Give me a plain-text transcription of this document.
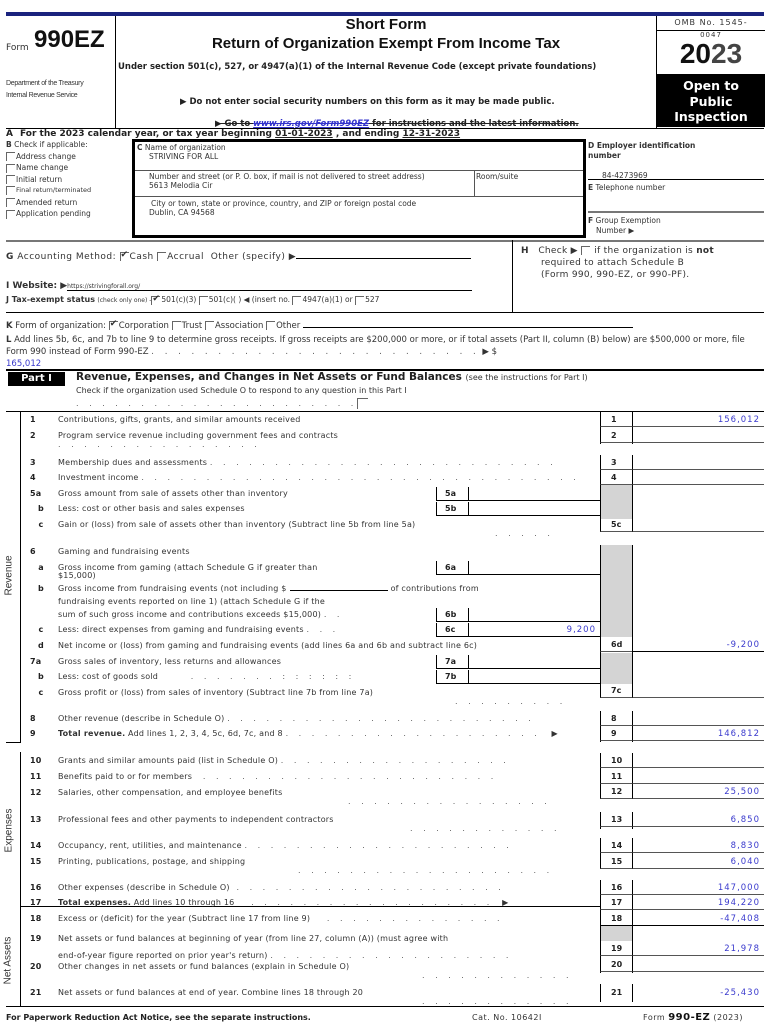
Form 990EZ
Department of the Treasury
Internal Revenue Service
Short Form
Return of Organization Exempt From Income Tax
Under section 501(c), 527, or 4947(a)(1) of the Internal Revenue Code (except private foundations)
▶ Do not enter social security numbers on this form as it may be made public.
▶ Go to www.irs.gov/Form990EZ for instructions and the latest information.
OMB No. 1545-
0047
2023
Open to
Public
Inspection
A For the 2023 calendar year, or tax year beginning 01-01-2023 , and ending 12-31-2023
B Check if applicable:
Address change
Name change
Initial return
Final return/terminated
Amended return
Application pending
C Name of organization
STRIVING FOR ALL
Number and street (or P. O. box, if mail is not delivered to street address)
5613 Melodia Cir
Room/suite
City or town, state or province, country, and ZIP or foreign postal code
Dublin, CA 94568
D Employer identification number
84-4273969
E Telephone number
F Group Exemption
Number ▶
G Accounting Method: ✔ Cash Accrual Other (specify) ▶
H Check ▶ if the organization is not
required to attach Schedule B
(Form 990, 990-EZ, or 990-PF).
I Website: ▶https://strivingforall.org/
J Tax-exempt status (check only one) - ✔ 501(c)(3) 501(c)( ) ◀ (insert no. 4947(a)(1) or 527
K Form of organization: ✔ Corporation Trust Association Other
L Add lines 5b, 6c, and 7b to line 9 to determine gross receipts. If gross receipts are $200,000 or more, or if total assets (Part II, column (B) below) are $500,000 or more, file Form 990 instead of Form 990-EZ . . . . . . . . . . . . . . . . . . . . . . . . . ▶ $
165,012
Part I	Revenue, Expenses, and Changes in Net Assets or Fund Balances (see the instructions for Part I)
Check if the organization used Schedule O to respond to any question in this Part I
. . . . . . . . . . . . . . . . . . . . . .
Revenue
Expenses
Net Assets
1	Contributions, gifts, grants, and similar amounts received	1	156,012
2	Program service revenue including government fees and contracts
. . . . . . . . . . . . . . . .
2
3	Membership dues and assessments . . . . . . . . . . . . . . . . . . . . . . . . . . .	3
4	Investment income . . . . . . . . . . . . . . . . . . . . . . . . . . . . . . . . . .	4
5a Gross amount from sale of assets other than inventory	5a
b Less: cost or other basis and sales expenses	5b
c Gain or (loss) from sale of assets other than inventory (Subtract line 5b from line 5a)
. . . . .
5c
6	Gaming and fundraising events
a Gross income from gaming (attach Schedule G if greater than
$15,000)
6a
b Gross income from fundraising events (not including $	of contributions from
fundraising events reported on line 1) (attach Schedule G if the
sum of such gross income and contributions exceeds $15,000) . .	6b
c Less: direct expenses from gaming and fundraising events . . .	6c	9,200
d Net income or (loss) from gaming and fundraising events (add lines 6a and 6b and subtract line 6c)	6d	-9,200
7a Gross sales of inventory, less returns and allowances	7a
b Less: cost of goods sold	. . . . . . . : : : : : :	7b
c Gross profit or (loss) from sales of inventory (Subtract line 7b from line 7a)
. . . . . . . . .
7c
8	Other revenue (describe in Schedule O) . . . . . . . . . . . . . . . . . . . . . . . .	8
9	Total revenue. Add lines 1, 2, 3, 4, 5c, 6d, 7c, and 8 . . . . . . . . . . . . . . . . . . . . ▶	9	146,812
10 Grants and similar amounts paid (list in Schedule O) . . . . . . . . . . . . . . . . . .	10
11 Benefits paid to or for members . . . . . . . . . . . . . . . . . . . . . . .	11
12 Salaries, other compensation, and employee benefits
. . . . . . . . . . . . . . . .
12	25,500
13 Professional fees and other payments to independent contractors
. . . . . . . . . . . .
13	6,850
14 Occupancy, rent, utilities, and maintenance . . . . . . . . . . . . . . . . . . . . .	14	8,830
15 Printing, publications, postage, and shipping
. . . . . . . . . . . . . . . . . . . .
15	6,040
16 Other expenses (describe in Schedule O) . . . . . . . . . . . . . . . . . . . . .	16	147,000
17 Total expenses. Add lines 10 through 16 . . . . . . . . . . . . . . . . . . . ▶	17	194,220
18 Excess or (deficit) for the year (Subtract line 17 from line 9) . . . . . . . . . . . . . .	18	-47,408
19 Net assets or fund balances at beginning of year (from line 27, column (A)) (must agree with
end-of-year figure reported on prior year's return) . . . . . . . . . . . . . . . . . . .
19	21,978
20 Other changes in net assets or fund balances (explain in Schedule O)
. . . . . . . . . . . .
20
21 Net assets or fund balances at end of year. Combine lines 18 through 20
. . . . . . . . . . . .
21	-25,430
For Paperwork Reduction Act Notice, see the separate instructions.	Cat. No. 10642I	Form 990-EZ (2023)
